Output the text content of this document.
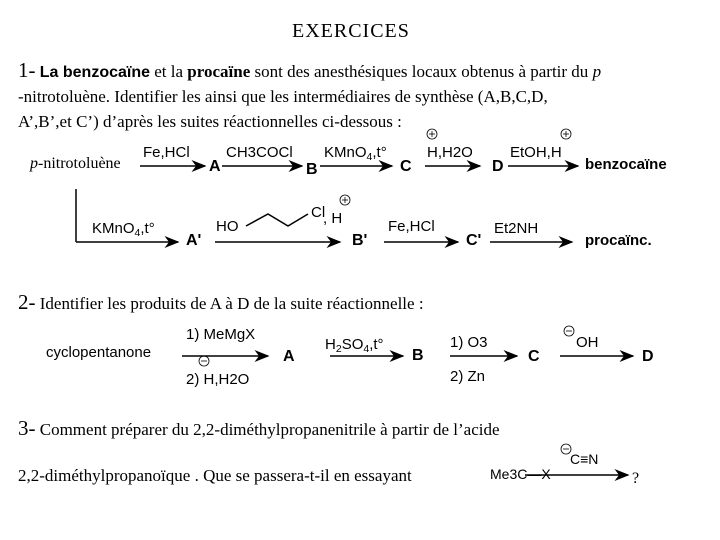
EXERCICES
1- La benzocaïne et la procaïne sont des anesthésiques locaux obtenus à partir du p
-nitrotoluène. Identifier les ainsi que les intermédiaires de synthèse (A,B,C,D,
A’,B’,et C’) d’après les suites réactionnelles ci-dessous :
p-nitrotoluène
Fe,HCl
A
CH3COCl
B
KMnO$_4$,t°
C
H,H2O
D
EtOH,H
benzocaïne
KMnO$_4$,t°
A'
HO
Cl
, H
B'
Fe,HCl
C'
Et2NH
procaïnc.
2- Identifier les produits de A à D de la suite réactionnelle :
cyclopentanone
1) MeMgX
2) H,H2O
A
$H_2SO_4,t^\circ$
B
1) O3
2) Zn
C
OH
D
3- Comment préparer du 2,2-diméthylpropanenitrile à partir de l’acide
2,2-diméthylpropanoïque . Que se passera-t-il en essayant	Me3C—X
C≡N
?
